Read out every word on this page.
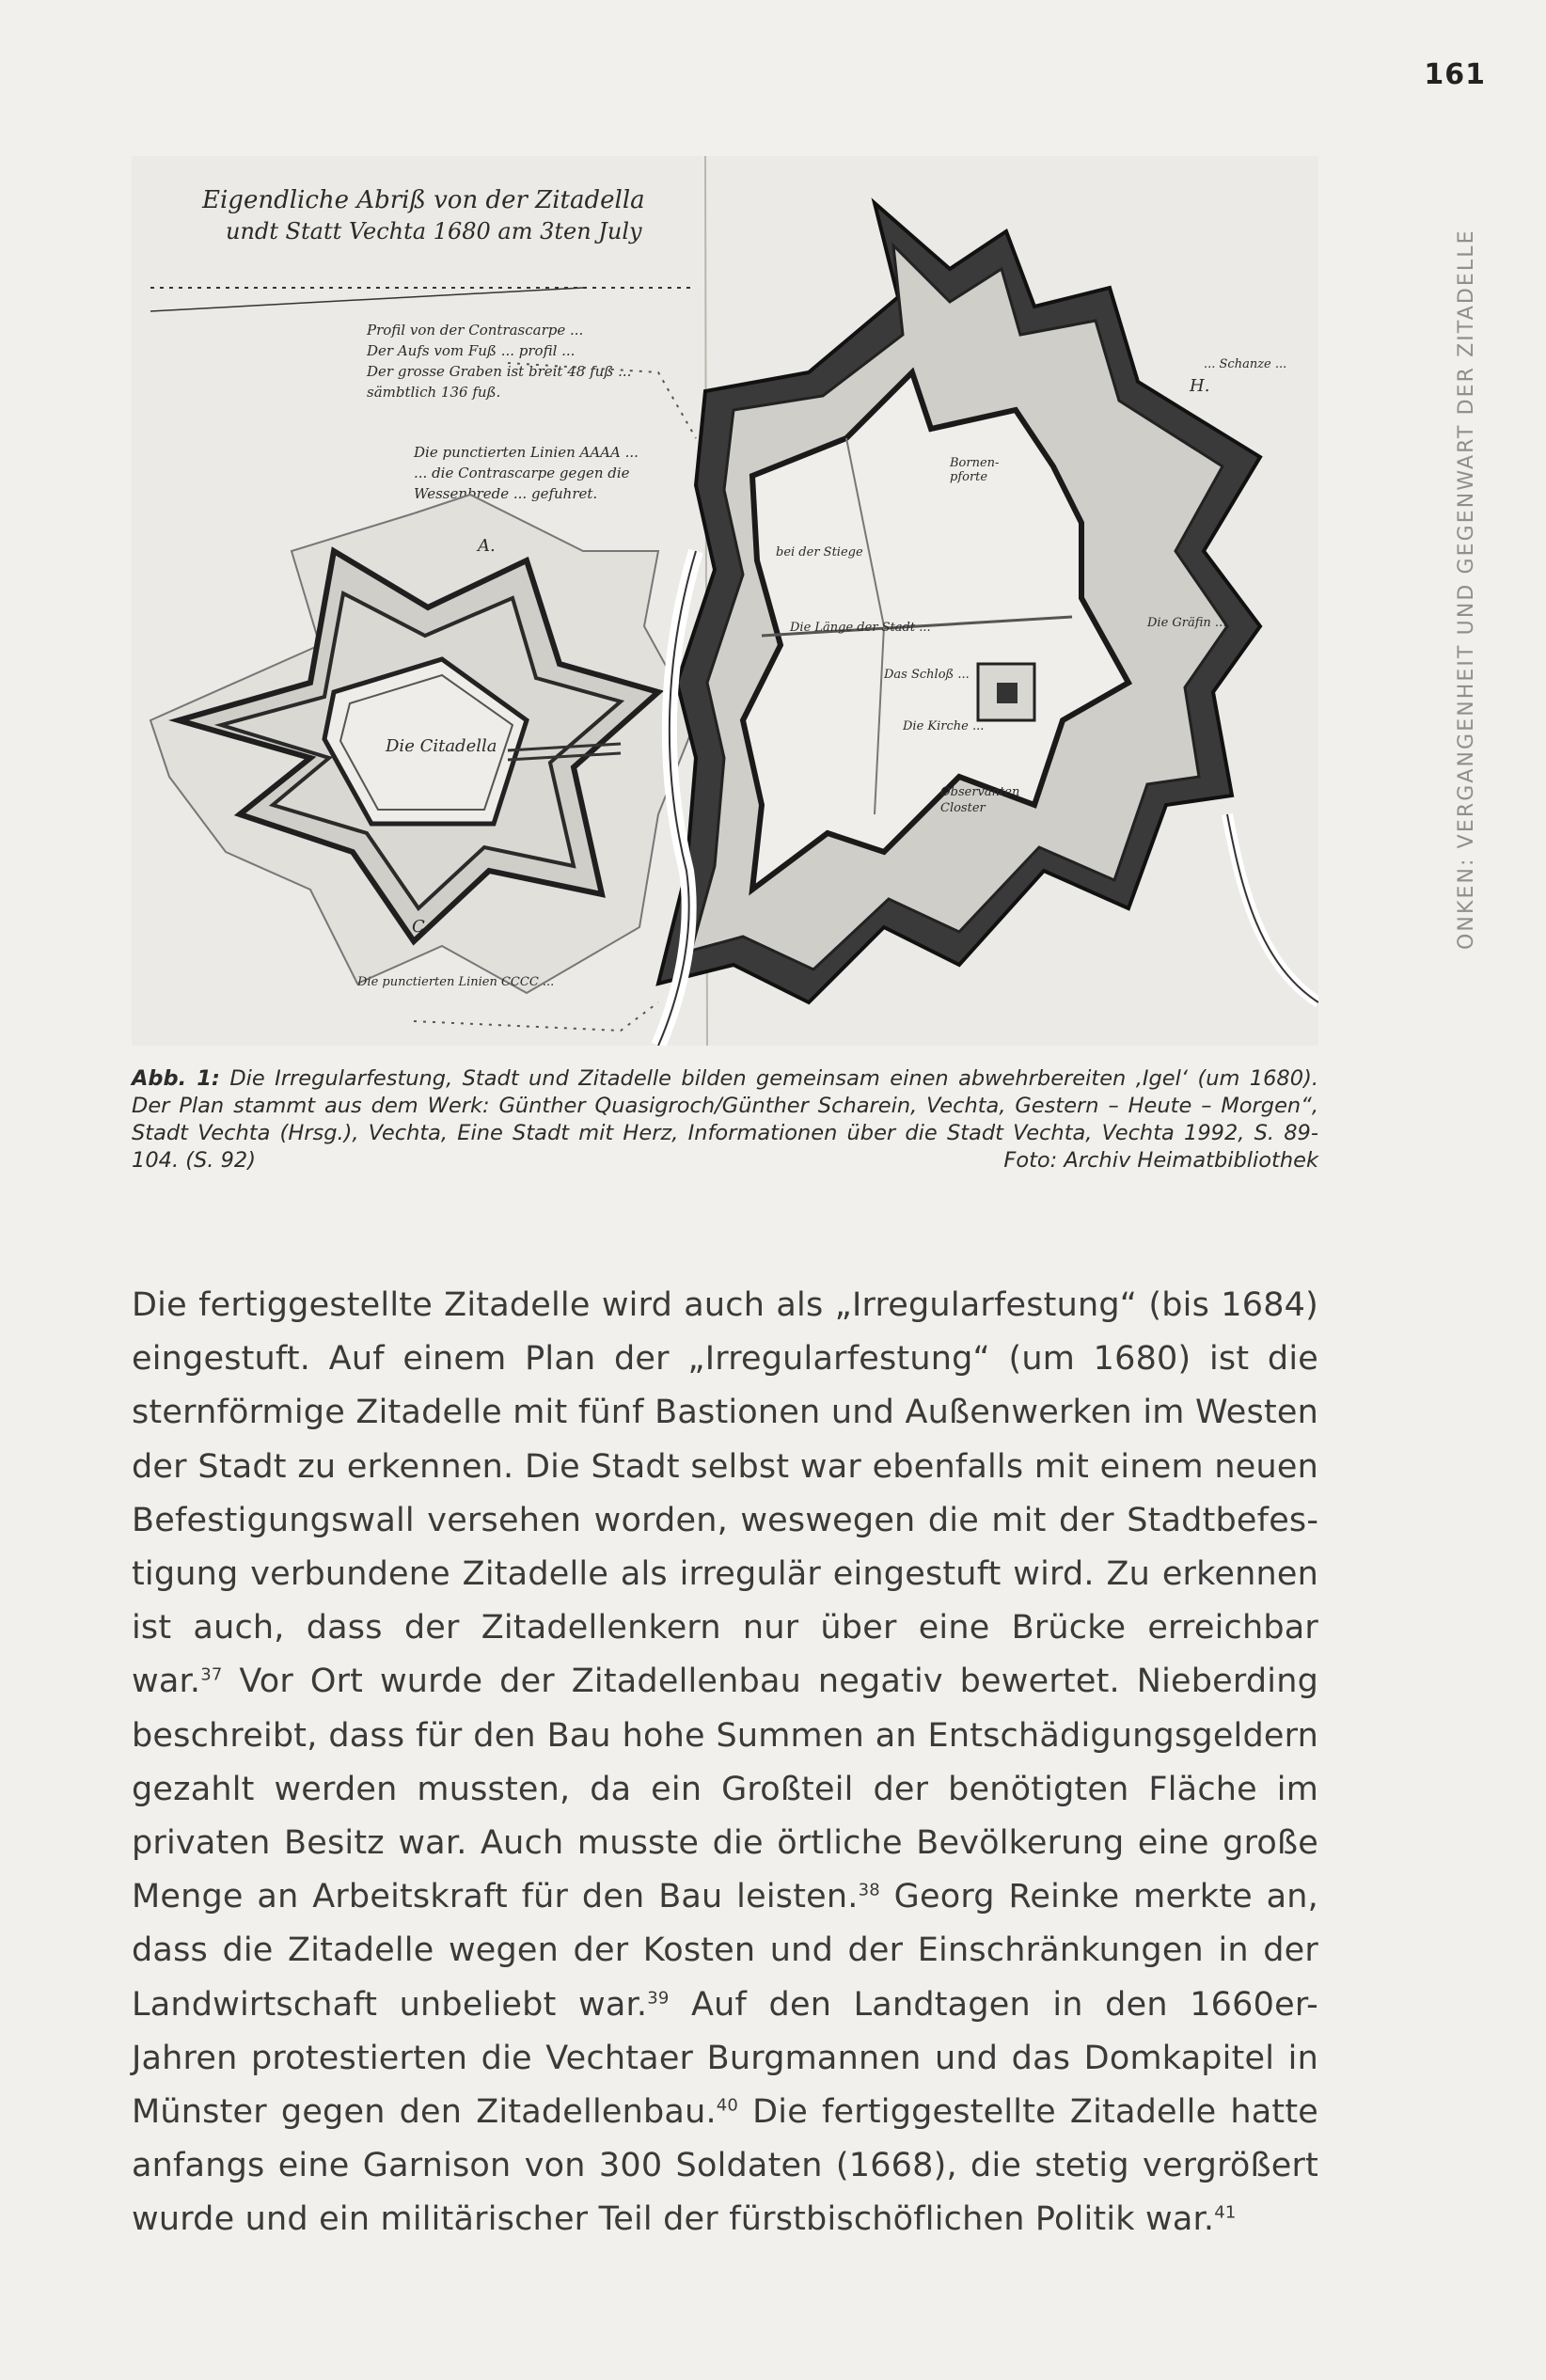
161
ONKEN: VERGANGENHEIT UND GEGENWART DER ZITADELLE
Eigendliche Abriß von der Zitadella
undt Statt Vechta 1680 am 3ten July
Profil von der Contrascarpe ...
Der Aufs vom Fuß ... profil ...
Der grosse Graben ist breit 48 fuß ...
sämbtlich 136 fuß.
Die punctierten Linien AAAA ...
... die Contrascarpe gegen die
Wessenbrede ... gefuhret.
Die Citadella
bei der Stiege
Die Länge der Stadt ...
Das Schloß ...
Die Kirche ...
Observanten
Closter
Bornen-
pforte
A.
C.
H.
... Schanze ...
Die Gräfin ...
Die punctierten Linien CCCC ...
Abb. 1: Die Irregularfestung, Stadt und Zitadelle bilden gemeinsam einen abwehrbereiten ‚Igel‘ (um 1680). Der Plan stammt aus dem Werk: Günther Quasigroch/Günther Scharein, Vechta, Gestern – Heute – Morgen“, Stadt Vechta (Hrsg.), Vechta, Eine Stadt mit Herz, Informationen über die Stadt Vechta, Vechta 1992, S. 89-104. (S. 92)	Foto: Archiv Heimatbibliothek
Die fertiggestellte Zitadelle wird auch als „Irregularfestung“ (bis 1684) eingestuft. Auf einem Plan der „Irregularfestung“ (um 1680) ist die sternförmige Zitadelle mit fünf Bastionen und Außenwerken im Westen der Stadt zu erkennen. Die Stadt selbst war ebenfalls mit einem neuen Befestigungswall versehen worden, weswegen die mit der Stadtbefestigung verbundene Zitadelle als irregulär eingestuft wird. Zu erkennen ist auch, dass der Zitadellenkern nur über eine Brücke erreichbar war.$^{37}$ Vor Ort wurde der Zitadellenbau negativ bewertet. Nieberding beschreibt, dass für den Bau hohe Summen an Entschädigungsgeldern gezahlt werden mussten, da ein Großteil der benötigten Fläche im privaten Besitz war. Auch musste die örtliche Bevölkerung eine große Menge an Arbeitskraft für den Bau leisten.$^{38}$ Georg Reinke merkte an, dass die Zitadelle wegen der Kosten und der Einschränkungen in der Landwirtschaft unbeliebt war.$^{39}$ Auf den Landtagen in den 1660er-Jahren protestierten die Vechtaer Burgmannen und das Domkapitel in Münster gegen den Zitadellenbau.$^{40}$ Die fertiggestellte Zitadelle hatte anfangs eine Garnison von 300 Soldaten (1668), die stetig vergrößert wurde und ein militärischer Teil der fürstbischöflichen Politik war.$^{41}$
